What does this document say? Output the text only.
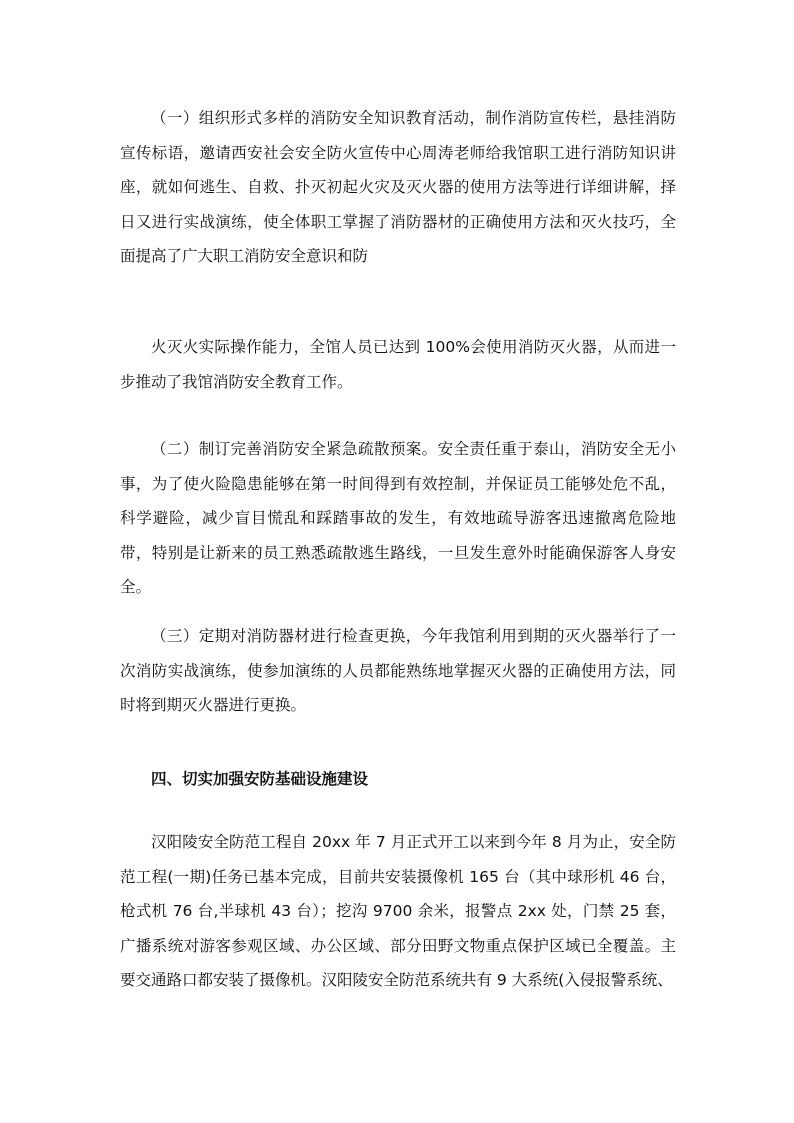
（一）组织形式多样的消防安全知识教育活动，制作消防宣传栏，悬挂消防宣传标语，邀请西安社会安全防火宣传中心周涛老师给我馆职工进行消防知识讲座，就如何逃生、自救、扑灭初起火灾及灭火器的使用方法等进行详细讲解，择日又进行实战演练，使全体职工掌握了消防器材的正确使用方法和灭火技巧，全面提高了广大职工消防安全意识和防

火灭火实际操作能力，全馆人员已达到 100%会使用消防灭火器，从而进一步推动了我馆消防安全教育工作。

（二）制订完善消防安全紧急疏散预案。安全责任重于泰山，消防安全无小事，为了使火险隐患能够在第一时间得到有效控制，并保证员工能够处危不乱，科学避险，减少盲目慌乱和踩踏事故的发生，有效地疏导游客迅速撤离危险地带，特别是让新来的员工熟悉疏散逃生路线，一旦发生意外时能确保游客人身安全。

（三）定期对消防器材进行检查更换，今年我馆利用到期的灭火器举行了一次消防实战演练，使参加演练的人员都能熟练地掌握灭火器的正确使用方法，同时将到期灭火器进行更换。

四、切实加强安防基础设施建设

汉阳陵安全防范工程自 20xx 年 7 月正式开工以来到今年 8 月为止，安全防范工程(一期)任务已基本完成，目前共安装摄像机 165 台（其中球形机 46 台，枪式机 76 台,半球机 43 台）；挖沟 9700 余米，报警点 2xx 处，门禁 25 套，广播系统对游客参观区域、办公区域、部分田野文物重点保护区域已全覆盖。主要交通路口都安装了摄像机。汉阳陵安全防范系统共有 9 大系统(入侵报警系统、
